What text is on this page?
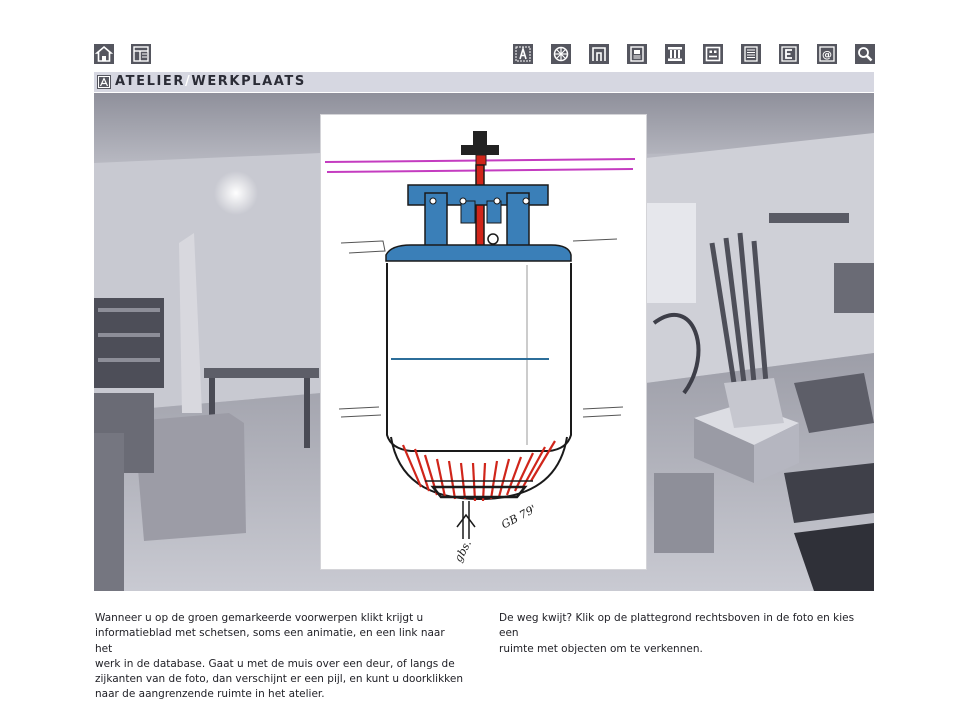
@
ATELIER/WERKPLAATS
gbs.
GB 79'
Wanneer u op de groen gemarkeerde voorwerpen klikt krijgt u
informatieblad met schetsen, soms een animatie, en een link naar het
werk in de database. Gaat u met de muis over een deur, of langs de
zijkanten van de foto, dan verschijnt er een pijl, en kunt u doorklikken
naar de aangrenzende ruimte in het atelier.
De weg kwijt? Klik op de plattegrond rechtsboven in de foto en kies een
ruimte met objecten om te verkennen.
